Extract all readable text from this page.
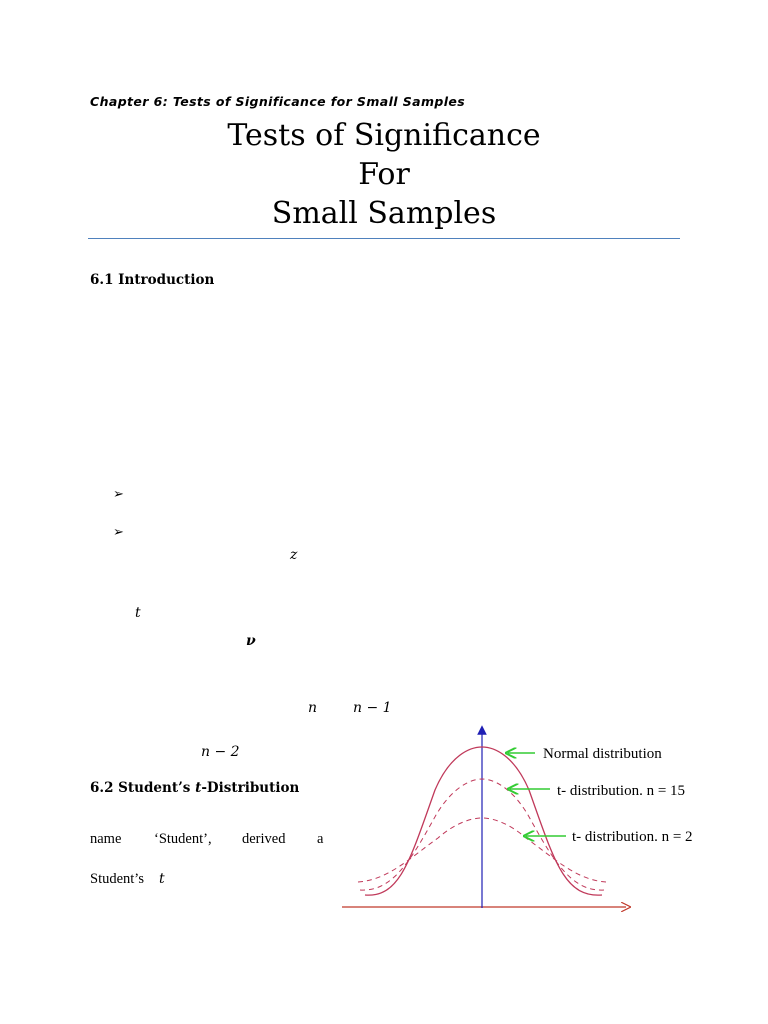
Chapter 6: Tests of Significance for Small Samples
Tests of Significance
For
Small Samples
6.1 Introduction
➢
➢
z
t
ν
n	n − 1
n − 2
6.2 Student’s t-Distribution
name ‘Student’, derived a
Student’s t
Normal distribution
t- distribution. n = 15
t- distribution. n = 2
